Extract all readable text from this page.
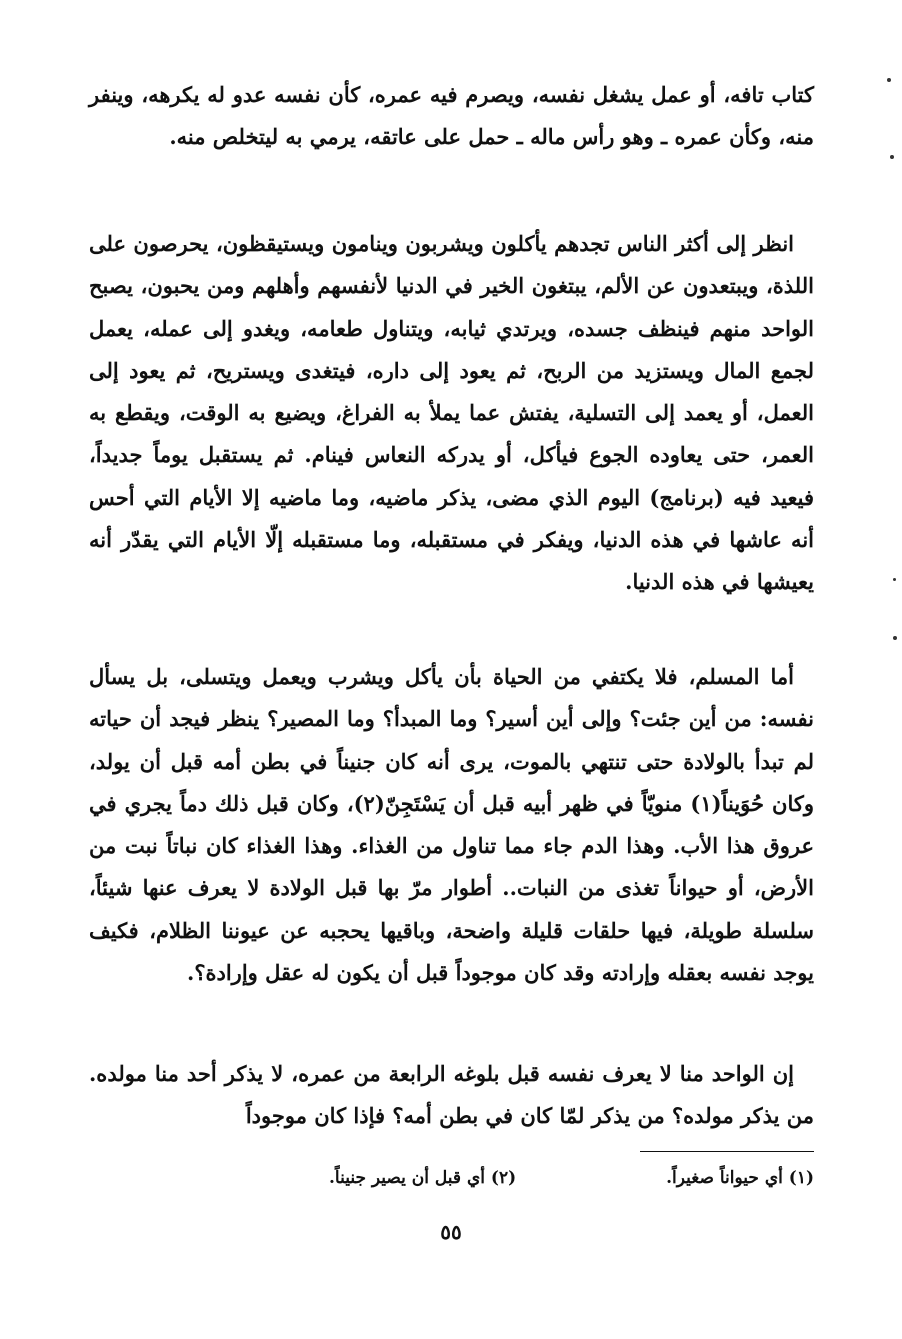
كتاب تافه، أو عمل يشغل نفسه، ويصرم فيه عمره، كأن نفسه عدو له يكرهه، وينفر منه، وكأن عمره ـ وهو رأس ماله ـ حمل على عاتقه، يرمي به ليتخلص منه.

انظر إلى أكثر الناس تجدهم يأكلون ويشربون وينامون ويستيقظون، يحرصون على اللذة، ويبتعدون عن الألم، يبتغون الخير في الدنيا لأنفسهم وأهلهم ومن يحبون، يصبح الواحد منهم فينظف جسده، ويرتدي ثيابه، ويتناول طعامه، ويغدو إلى عمله، يعمل لجمع المال ويستزيد من الربح، ثم يعود إلى داره، فيتغدى ويستريح، ثم يعود إلى العمل، أو يعمد إلى التسلية، يفتش عما يملأ به الفراغ، ويضيع به الوقت، ويقطع به العمر، حتى يعاوده الجوع فيأكل، أو يدركه النعاس فينام. ثم يستقبل يوماً جديداً، فيعيد فيه (برنامج) اليوم الذي مضى، يذكر ماضيه، وما ماضيه إلا الأيام التي أحس أنه عاشها في هذه الدنيا، ويفكر في مستقبله، وما مستقبله إلّا الأيام التي يقدّر أنه يعيشها في هذه الدنيا.

أما المسلم، فلا يكتفي من الحياة بأن يأكل ويشرب ويعمل ويتسلى، بل يسأل نفسه: من أين جئت؟ وإلى أين أسير؟ وما المبدأ؟ وما المصير؟ ينظر فيجد أن حياته لم تبدأ بالولادة حتى تنتهي بالموت، يرى أنه كان جنيناً في بطن أمه قبل أن يولد، وكان حُوَيناً(١) منويّاً في ظهر أبيه قبل أن يَسْتَجِنّ(٢)، وكان قبل ذلك دماً يجري في عروق هذا الأب. وهذا الدم جاء مما تناول من الغذاء. وهذا الغذاء كان نباتاً نبت من الأرض، أو حيواناً تغذى من النبات.. أطوار مرّ بها قبل الولادة لا يعرف عنها شيئاً، سلسلة طويلة، فيها حلقات قليلة واضحة، وباقيها يحجبه عن عيوننا الظلام، فكيف يوجد نفسه بعقله وإرادته وقد كان موجوداً قبل أن يكون له عقل وإرادة؟.

إن الواحد منا لا يعرف نفسه قبل بلوغه الرابعة من عمره، لا يذكر أحد منا مولده. من يذكر مولده؟ من يذكر لمّا كان في بطن أمه؟ فإذا كان موجوداً

(١) أي حيواناً صغيراً.(٢) أي قبل أن يصير جنيناً.
٥٥
